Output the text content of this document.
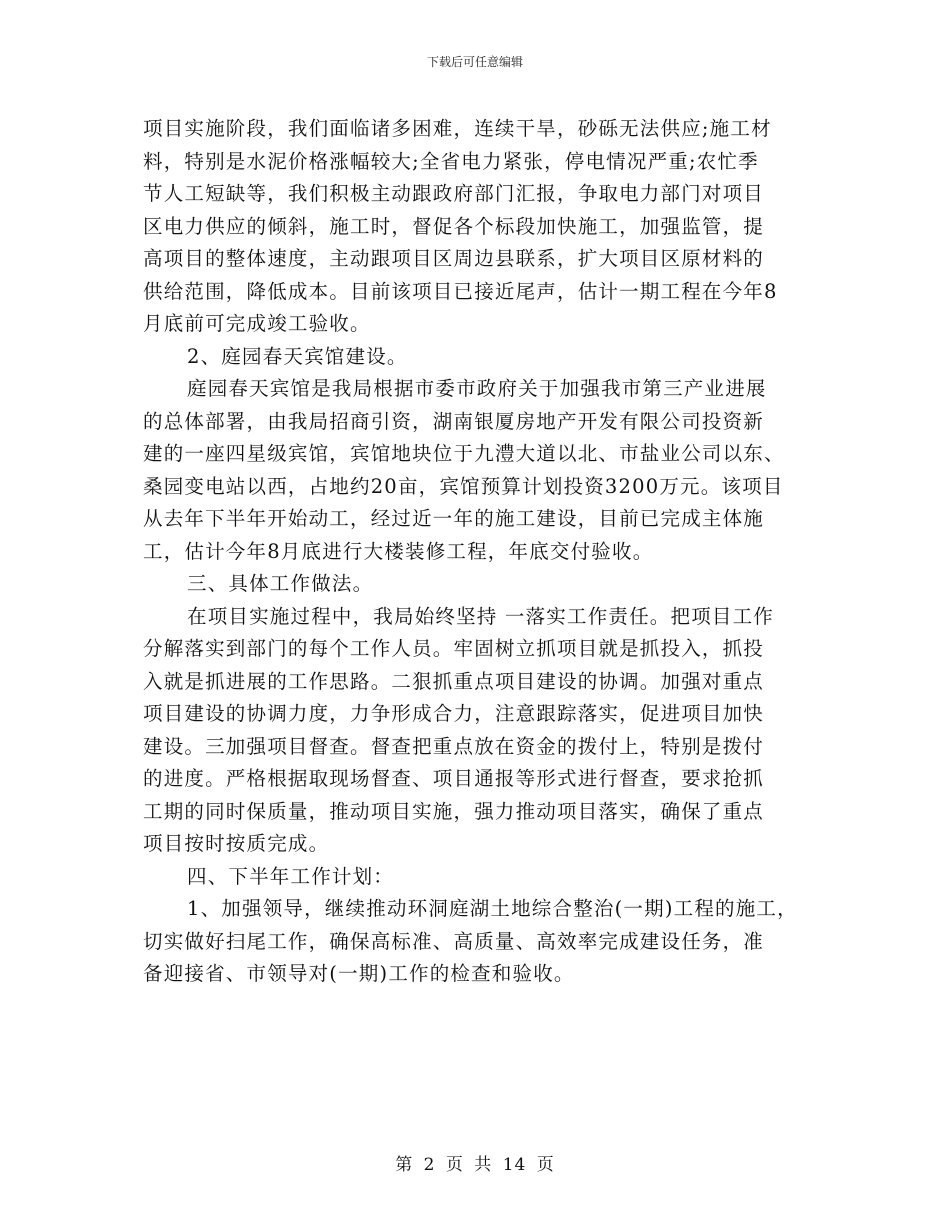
下载后可任意编辑
项目实施阶段，我们面临诸多困难，连续干旱，砂砾无法供应;施工材
料，特别是水泥价格涨幅较大;全省电力紧张，停电情况严重;农忙季
节人工短缺等，我们积极主动跟政府部门汇报，争取电力部门对项目
区电力供应的倾斜，施工时，督促各个标段加快施工，加强监管，提
高项目的整体速度，主动跟项目区周边县联系，扩大项目区原材料的
供给范围，降低成本。目前该项目已接近尾声，估计一期工程在今年8
月底前可完成竣工验收。
2、庭园春天宾馆建设。
庭园春天宾馆是我局根据市委市政府关于加强我市第三产业进展
的总体部署，由我局招商引资，湖南银厦房地产开发有限公司投资新
建的一座四星级宾馆，宾馆地块位于九澧大道以北、市盐业公司以东、
桑园变电站以西，占地约20亩，宾馆预算计划投资3200万元。该项目
从去年下半年开始动工，经过近一年的施工建设，目前已完成主体施
工，估计今年8月底进行大楼装修工程，年底交付验收。
三、具体工作做法。
在项目实施过程中，我局始终坚持 一落实工作责任。把项目工作
分解落实到部门的每个工作人员。牢固树立抓项目就是抓投入，抓投
入就是抓进展的工作思路。二狠抓重点项目建设的协调。加强对重点
项目建设的协调力度，力争形成合力，注意跟踪落实，促进项目加快
建设。三加强项目督查。督查把重点放在资金的拨付上，特别是拨付
的进度。严格根据取现场督查、项目通报等形式进行督查，要求抢抓
工期的同时保质量，推动项目实施，强力推动项目落实，确保了重点
项目按时按质完成。
四、下半年工作计划：
1、加强领导，继续推动环洞庭湖土地综合整治(一期)工程的施工，
切实做好扫尾工作，确保高标准、高质量、高效率完成建设任务，准
备迎接省、市领导对(一期)工作的检查和验收。
第 2 页 共 14 页
